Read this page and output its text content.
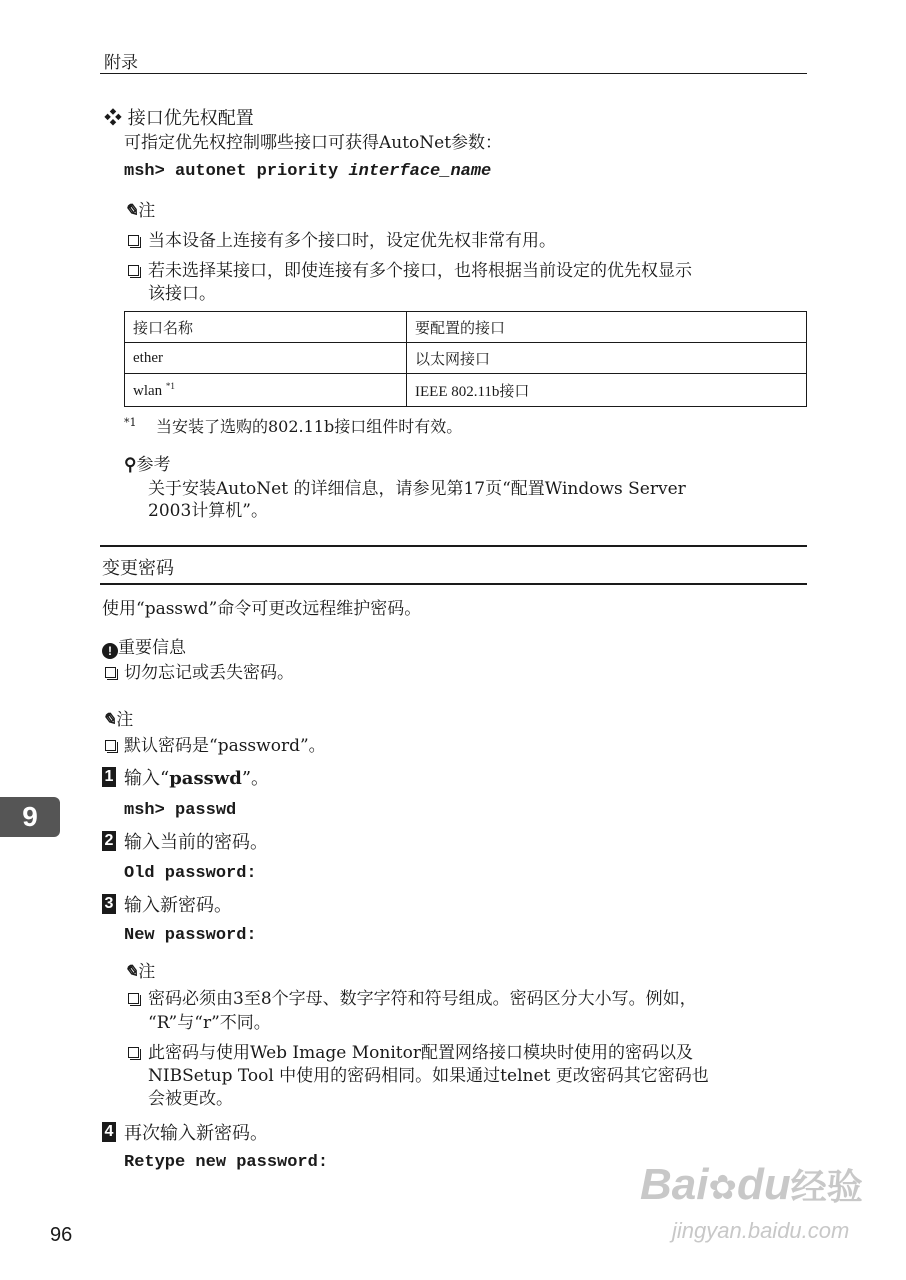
附录
❖ 接口优先权配置
可指定优先权控制哪些接口可获得AutoNet参数：
msh> autonet priority interface_name
✎注
当本设备上连接有多个接口时，设定优先权非常有用。
若未选择某接口，即使连接有多个接口，也将根据当前设定的优先权显示
该接口。
接口名称	要配置的接口
ether	以太网接口
wlan $^{*1}$	IEEE 802.11b接口
*1 当安装了选购的802.11b接口组件时有效。
⚲参考
关于安装AutoNet 的详细信息，请参见第17页“配置Windows Server
2003计算机”。
变更密码
使用“passwd”命令可更改远程维护密码。
! 重要信息
切勿忘记或丢失密码。
✎注
默认密码是“password”。
1 输入“passwd”。
msh> passwd
2 输入当前的密码。
Old password:
3 输入新密码。
New password:
✎注
密码必须由3至8个字母、数字字符和符号组成。密码区分大小写。例如，
“R”与“r”不同。
此密码与使用Web Image Monitor配置网络接口模块时使用的密码以及
NIBSetup Tool 中使用的密码相同。如果通过telnet 更改密码其它密码也
会被更改。
4 再次输入新密码。
Retype new password:
9
96
Bai✿du经验
jingyan.baidu.com
